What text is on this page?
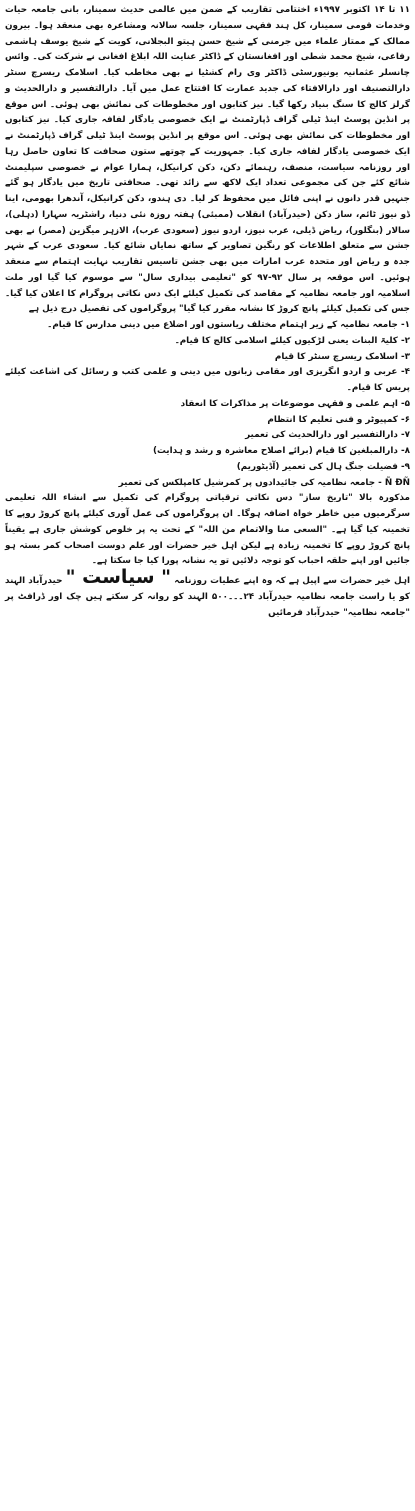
۱۱ تا ۱۴ اکتوبر ۱۹۹۷ء اختتامی تقاریب کے ضمن میں عالمی حدیث سمینار، بانی جامعہ حیات وخدمات قومی سمینار، کل ہند فقہی سمینار، جلسہ سالانہ ومشاعرہ بھی منعقد ہوا۔ بیرون ممالک کے ممتاز علماء میں جرمنی کے شیخ حسن ہیتو البجلانی، کویت کے شیخ یوسف ہاشمی رفاعی، شیخ محمد شطی اور افغانستان کے ڈاکٹر عنایت اللہ ابلاغ افغانی نے شرکت کی۔ وائس چانسلر عثمانیہ یونیورسٹی ڈاکٹر وی رام کشٹیا نے بھی مخاطب کیا۔ اسلامک ریسرچ سنٹر دارالتصنیف اور دارالافتاء کی جدید عمارت کا افتتاح عمل میں آیا۔ دارالتفسیر و دارالحدیث و گرلز کالج کا سنگ بنیاد رکھا گیا۔ نیز کتابوں اور مخطوطات کی نمائش بھی ہوئی۔ اس موقع پر انڈین پوسٹ اینڈ ٹیلی گراف ڈپارٹمنٹ نے ایک خصوصی یادگار لفافہ جاری کیا۔ نیز کتابوں اور مخطوطات کی نمائش بھی ہوئی۔ اس موقع پر انڈین پوسٹ اینڈ ٹیلی گراف ڈپارٹمنٹ نے ایک خصوصی یادگار لفافہ جاری کیا۔ جمہوریت کے چوتھے ستون صحافت کا تعاون حاصل رہا اور روزنامہ سیاست، منصف، رہنمائے دکن، دکن کرانیکل، ہمارا عوام نے خصوصی سپلیمنٹ شائع کئے جن کی مجموعی تعداد ایک لاکھ سے زائد تھی۔ صحافتی تاریخ میں یادگار ہو گئے جنہیں قدر دانوں نے اپنی فائل میں محفوظ کر لیا۔ دی ہندو، دکن کرانیکل، آندھرا بھومی، اینا ڈو نیوز ٹائم، ساز دکن (حیدرآباد) انقلاب (ممبئی) ہفتہ روزہ نئی دنیا، راشٹریہ سہارا (دہلی)، سالار (بنگلور)، ریاض ڈیلی، عرب نیوز، اردو نیوز (سعودی عرب)، الازہر میگزین (مصر) نے بھی جشن سے متعلق اطلاعات کو رنگین تصاویر کے ساتھ نمایاں شائع کیا۔ سعودی عرب کے شہر جدہ و ریاض اور متحدہ عرب امارات میں بھی جشن تاسیس تقاریب نہایت اہتمام سے منعقد ہوئیں۔ اس موقعہ پر سال ۹۲-۹۷ کو "تعلیمی بیداری سال" سے موسوم کیا گیا اور ملت اسلامیہ اور جامعہ نظامیہ کے مقاصد کی تکمیل کیلئے ایک دس نکاتی پروگرام کا اعلان کیا گیا۔ جس کی تکمیل کیلئے پانچ کروڑ کا نشانہ مقرر کیا گیا" پروگراموں کی تفصیل درج ذیل ہے

۱- جامعہ نظامیہ کے زیر اہتمام مختلف ریاستوں اور اضلاع میں دینی مدارس کا قیام۔

۲- کلیۃ البنات یعنی لڑکیوں کیلئے اسلامی کالج کا قیام۔

۳- اسلامک ریسرچ سنٹر کا قیام

۴- عربی و اردو انگریزی اور مقامی زبانوں میں دینی و علمی کتب و رسائل کی اشاعت کیلئے پریس کا قیام۔

۵- اہم علمی و فقہی موضوعات پر مذاکرات کا انعقاد

۶- کمپیوٹر و فنی تعلیم کا انتظام

۷- دارالتفسیر اور دارالحدیث کی تعمیر

۸- دارالمبلغین کا قیام (برائے اصلاح معاشرہ و رشد و ہدایت)

۹- فضیلت جنگ ہال کی تعمیر (آڈیٹوریم)

Ñ ÐÑ - جامعہ نظامیہ کی جائیدادوں پر کمرشیل کامپلکس کی تعمیر

مذکورہ بالا "تاریخ ساز" دس نکاتی ترقیاتی پروگرام کی تکمیل سے انشاء اللہ تعلیمی سرگرمیوں میں خاطر خواہ اضافہ ہوگا۔ ان پروگراموں کی عمل آوری کیلئے پانچ کروڑ روپے کا تخمینہ کیا گیا ہے۔ "السعی منا والاتمام من اللہ" کے تحت یہ پر خلوص کوشش جاری ہے یقیناً پانچ کروڑ روپے کا تخمینہ زیادہ ہے لیکن اہل خیر حضرات اور علم دوست اصحاب کمر بستہ ہو جائیں اور اپنے حلقہ احباب کو توجہ دلائیں تو یہ نشانہ پورا کیا جا سکتا ہے۔

اہل خیر حضرات سے اپیل ہے کہ وہ اپنے عطیات روزنامہ " سیاست " حیدرآباد الہند کو یا راست جامعہ نظامیہ حیدرآباد ۲۴۔۔۔۵۰۰ الہند کو روانہ کر سکتے ہیں چک اور ڈرافٹ پر "جامعہ نظامیہ" حیدرآباد فرمائیں
